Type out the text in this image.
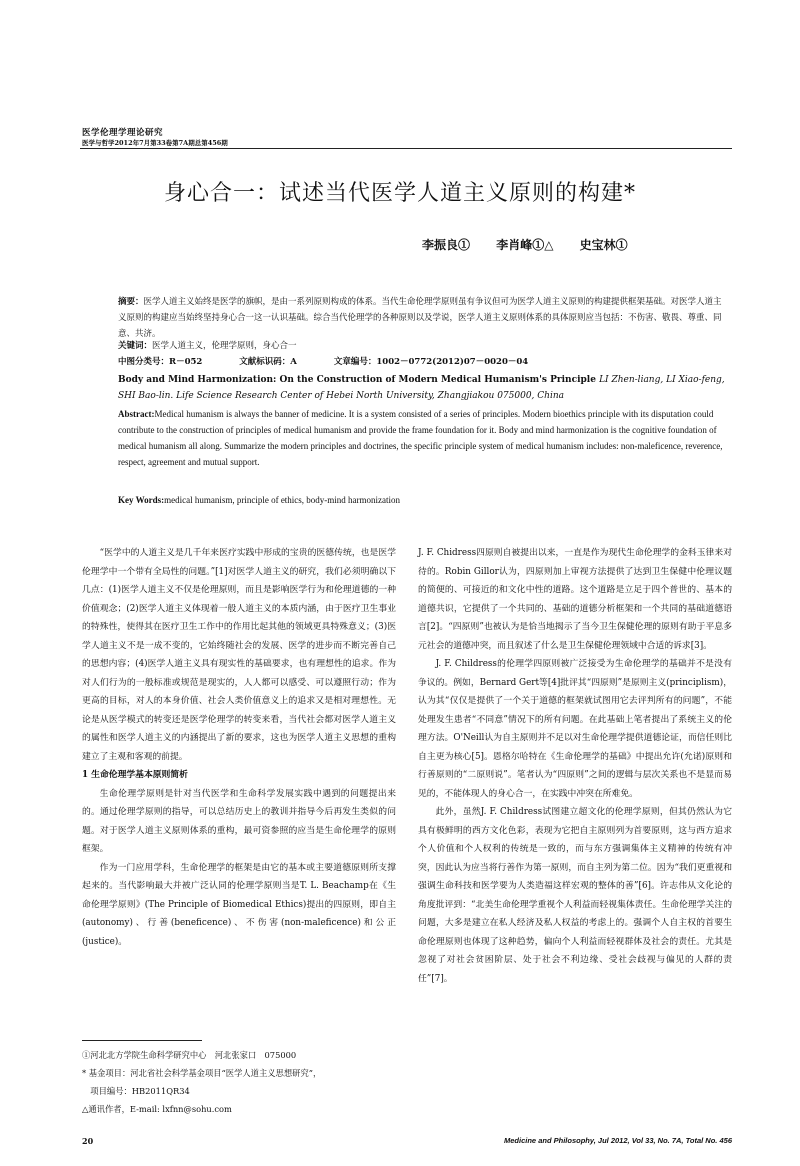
医学伦理学理论研究
医学与哲学2012年7月第33卷第7A期总第456期
身心合一：试述当代医学人道主义原则的构建*
李振良① 李肖峰①△ 史宝林①
摘要：医学人道主义始终是医学的旗帜，是由一系列原则构成的体系。当代生命伦理学原则虽有争议但可为医学人道主义原则的构建提供框架基础。对医学人道主义原则的构建应当始终坚持身心合一这一认识基础。综合当代伦理学的各种原则以及学说，医学人道主义原则体系的具体原则应当包括：不伤害、敬畏、尊重、同意、共济。
关键词：医学人道主义，伦理学原则，身心合一
中图分类号：R－052	文献标识码：A	文章编号：1002－0772(2012)07－0020－04
Body and Mind Harmonization: On the Construction of Modern Medical Humanism's Principle LI Zhen-liang, LI Xiao-feng, SHI Bao-lin. Life Science Research Center of Hebei North University, Zhangjiakou 075000, China
Abstract:Medical humanism is always the banner of medicine. It is a system consisted of a series of principles. Modern bioethics principle with its disputation could contribute to the construction of principles of medical humanism and provide the frame foundation for it. Body and mind harmonization is the cognitive foundation of medical humanism all along. Summarize the modern principles and doctrines, the specific principle system of medical humanism includes: non-maleficence, reverence, respect, agreement and mutual support.
Key Words:medical humanism, principle of ethics, body-mind harmonization

“医学中的人道主义是几千年来医疗实践中形成的宝贵的医德传统，也是医学伦理学中一个带有全局性的问题。”[1]对医学人道主义的研究，我们必须明确以下几点：(1)医学人道主义不仅是伦理原则，而且是影响医学行为和伦理道德的一种价值观念；(2)医学人道主义体现着一般人道主义的本质内涵，由于医疗卫生事业的特殊性，使得其在医疗卫生工作中的作用比起其他的领域更具特殊意义；(3)医学人道主义不是一成不变的，它始终随社会的发展、医学的进步而不断完善自己的思想内容；(4)医学人道主义具有现实性的基础要求，也有理想性的追求。作为对人们行为的一般标准或规范是现实的，人人都可以感受、可以遵照行动；作为更高的目标，对人的本身价值、社会人类价值意义上的追求又是相对理想性。无论是从医学模式的转变还是医学伦理学的转变来看，当代社会都对医学人道主义的属性和医学人道主义的内涵提出了新的要求，这也为医学人道主义思想的重构建立了主观和客观的前提。

1 生命伦理学基本原则简析

生命伦理学原则是针对当代医学和生命科学发展实践中遇到的问题提出来的。通过伦理学原则的指导，可以总结历史上的教训并指导今后再发生类似的问题。对于医学人道主义原则体系的重构，最可资参照的应当是生命伦理学的原则框架。

作为一门应用学科，生命伦理学的框架是由它的基本或主要道德原则所支撑起来的。当代影响最大并被广泛认同的伦理学原则当是T. L. Beachamp在《生命伦理学原则》(The Principle of Biomedical Ethics)提出的四原则，即自主(autonomy)、行善(beneficence)、不伤害(non-maleficence)和公正(justice)。

J. F. Chidress四原则自被提出以来，一直是作为现代生命伦理学的金科玉律来对待的。Robin Gillor认为，四原则加上审视方法提供了达到卫生保健中伦理议题的简便的、可接近的和文化中性的道路。这个道路是立足于四个普世的、基本的道德共识，它提供了一个共同的、基础的道德分析框架和一个共同的基础道德语言[2]。“四原则”也被认为是恰当地揭示了当今卫生保健伦理的原则有助于平息多元社会的道德冲突，而且叙述了什么是卫生保健伦理领域中合适的诉求[3]。

J. F. Childress的伦理学四原则被广泛接受为生命伦理学的基础并不是没有争议的。例如，Bernard Gert等[4]批评其“四原则”是原则主义(principlism)，认为其“仅仅是提供了一个关于道德的框架就试图用它去评判所有的问题”，不能处理发生患者“不同意”情况下的所有问题。在此基础上笔者提出了系统主义的伦理方法。O'Neill认为自主原则并不足以对生命伦理学提供道德论证，而信任则比自主更为核心[5]。恩格尔哈特在《生命伦理学的基础》中提出允许(允诺)原则和行善原则的“二原则说”。笔者认为“四原则”之间的逻辑与层次关系也不是显而易见的，不能体现人的身心合一，在实践中冲突在所难免。

此外，虽然J. F. Childress试图建立超文化的伦理学原则，但其仍然认为它具有极鲜明的西方文化色彩，表现为它把自主原则列为首要原则，这与西方追求个人价值和个人权利的传统是一致的，而与东方强调集体主义精神的传统有冲突，因此认为应当将行善作为第一原则，而自主列为第二位。因为“我们更重视和强调生命科技和医学要为人类造福这样宏观的整体的善”[6]。许志伟从文化论的角度批评到：“北美生命伦理学重视个人利益而轻视集体责任。生命伦理学关注的问题，大多是建立在私人经济及私人权益的考虑上的。强调个人自主权的首要生命伦理原则也体现了这种趋势，偏向个人利益而轻视群体及社会的责任。尤其是忽视了对社会贫困阶层、处于社会不利边缘、受社会歧视与偏见的人群的责任”[7]。

①河北北方学院生命科学研究中心　河北张家口　075000
* 基金项目：河北省社会科学基金项目“医学人道主义思想研究”，
　项目编号：HB2011QR34
△通讯作者，E-mail: lxfnn@sohu.com
20	Medicine and Philosophy, Jul 2012, Vol 33, No. 7A, Total No. 456
